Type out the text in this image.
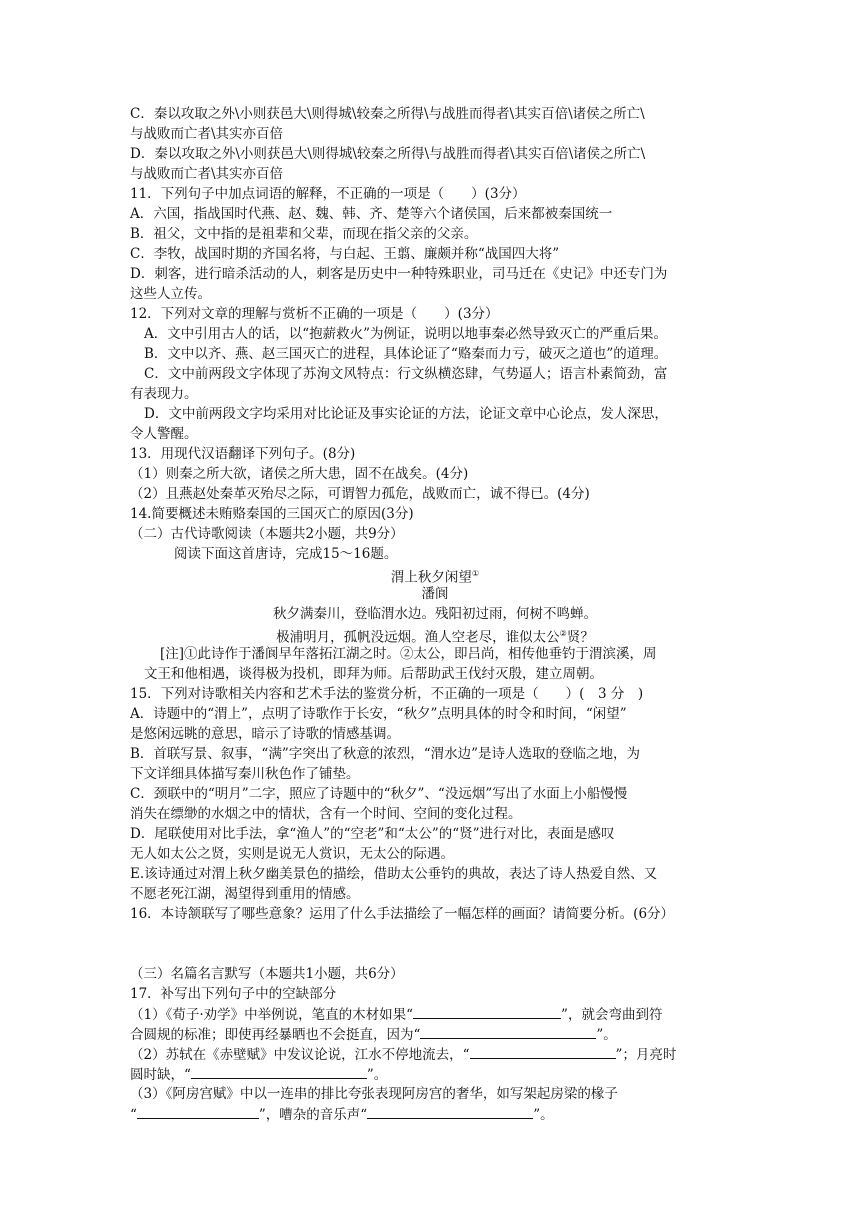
C．秦以攻取之外\小则获邑大\则得城\较秦之所得\与战胜而得者\其实百倍\诸侯之所亡\
与战败而亡者\其实亦百倍
D．秦以攻取之外\小则获邑大\则得城\较秦之所得\与战胜而得者\其实百倍\诸侯之所亡\
与战败而亡者\其实亦百倍
11．下列句子中加点词语的解释，不正确的一项是（　　）(3分）
A．六国，指战国时代燕、赵、魏、韩、齐、楚等六个诸侯国，后来都被秦国统一
B．祖父，文中指的是祖辈和父辈，而现在指父亲的父亲。
C．李牧，战国时期的齐国名将，与白起、王翦、廉颇并称“战国四大将”
D．刺客，进行暗杀活动的人，刺客是历史中一种特殊职业，司马迁在《史记》中还专门为
这些人立传。
12．下列对文章的理解与赏析不正确的一项是（　　）(3分）
A．文中引用古人的话，以“抱薪救火”为例证，说明以地事秦必然导致灭亡的严重后果。
B．文中以齐、燕、赵三国灭亡的进程，具体论证了“赂秦而力亏，破灭之道也”的道理。
C．文中前两段文字体现了苏洵文风特点：行文纵横恣肆，气势逼人；语言朴素简劲，富
有表现力。
D．文中前两段文字均采用对比论证及事实论证的方法，论证文章中心论点，发人深思，
令人警醒。
13．用现代汉语翻译下列句子。(8分)
（1）则秦之所大欲，诸侯之所大患，固不在战矣。(4分)
（2）且燕赵处秦革灭殆尽之际，可谓智力孤危，战败而亡，诚不得已。(4分)
14.简要概述未贿赂秦国的三国灭亡的原因(3分)
（二）古代诗歌阅读（本题共2小题，共9分）
阅读下面这首唐诗，完成15～16题。
渭上秋夕闲望①
潘阆
秋夕满秦川，登临渭水边。残阳初过雨，何树不鸣蝉。
极浦明月，孤帆没远烟。渔人空老尽，谁似太公②贤？
[注]①此诗作于潘阆早年落拓江湖之时。②太公，即吕尚，相传他垂钓于渭滨溪，周
文王和他相遇，谈得极为投机，即拜为师。后帮助武王伐纣灭殷，建立周朝。
15．下列对诗歌相关内容和艺术手法的鉴赏分析，不正确的一项是（　　）(　3 分　)
A．诗题中的“渭上”，点明了诗歌作于长安，“秋夕”点明具体的时令和时间，“闲望”
是悠闲远眺的意思，暗示了诗歌的情感基调。
B．首联写景、叙事，“满”字突出了秋意的浓烈，“渭水边”是诗人选取的登临之地，为
下文详细具体描写秦川秋色作了铺垫。
C．颈联中的“明月”二字，照应了诗题中的“秋夕”、“没远烟”写出了水面上小船慢慢
消失在缥缈的水烟之中的情状，含有一个时间、空间的变化过程。
D．尾联使用对比手法，拿“渔人”的“空老”和“太公”的“贤”进行对比，表面是感叹
无人如太公之贤，实则是说无人赏识，无太公的际遇。
E.该诗通过对渭上秋夕幽美景色的描绘，借助太公垂钓的典故，表达了诗人热爱自然、又
不愿老死江湖，渴望得到重用的情感。
16．本诗颔联写了哪些意象？运用了什么手法描绘了一幅怎样的画面？请简要分析。(6分）
（三）名篇名言默写（本题共1小题，共6分）
17．补写出下列句子中的空缺部分
（1）《荀子·劝学》中举例说，笔直的木材如果“	”，就会弯曲到符
合圆规的标准；即使再经暴晒也不会挺直，因为“	”。
（2）苏轼在《赤壁赋》中发议论说，江水不停地流去，“	”；月亮时
圆时缺，“	”。
（3）《阿房宫赋》中以一连串的排比夸张表现阿房宫的奢华，如写架起房梁的椽子
“	”，嘈杂的音乐声“	”。
